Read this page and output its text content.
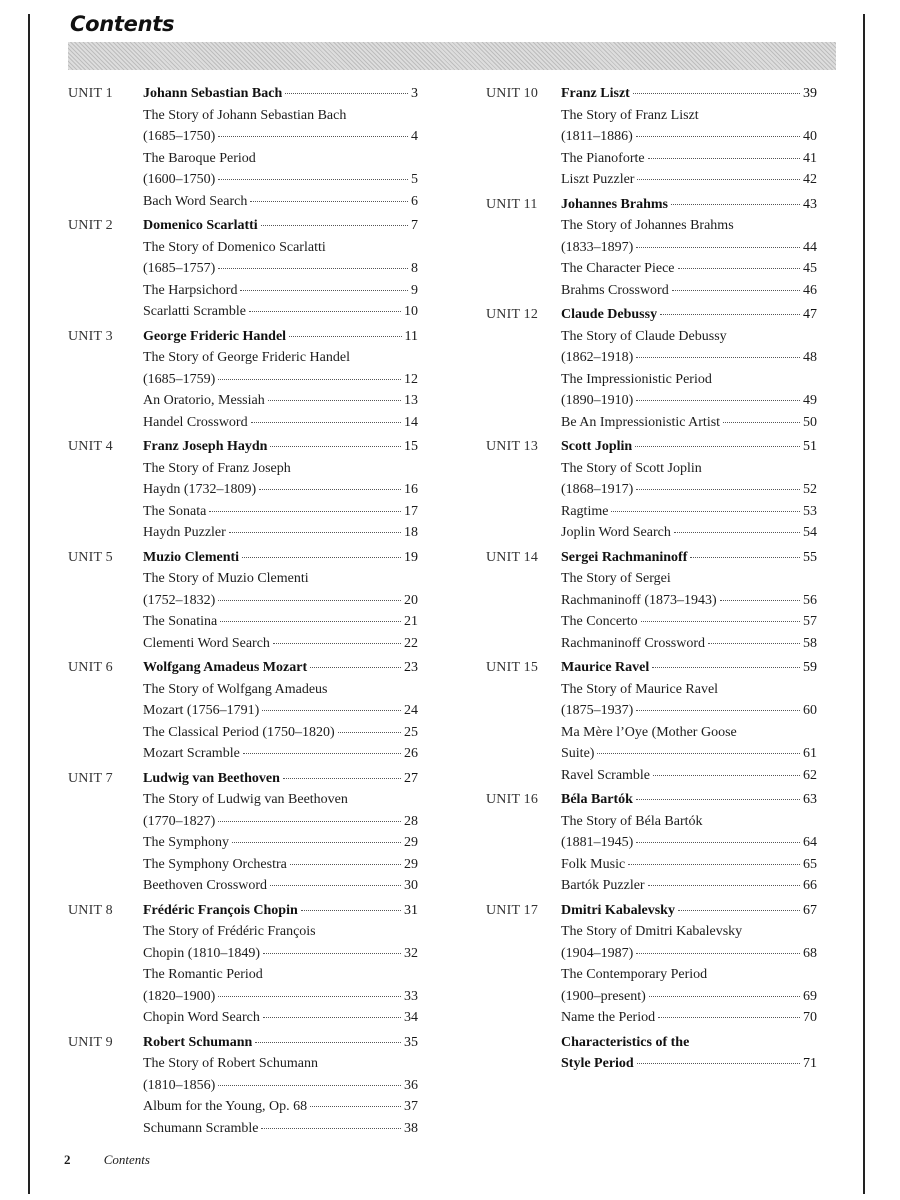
Contents
UNIT 1	Johann Sebastian Bach	3
The Story of Johann Sebastian Bach
(1685–1750)	4
The Baroque Period
(1600–1750)	5
Bach Word Search	6
UNIT 2	Domenico Scarlatti	7
The Story of Domenico Scarlatti
(1685–1757)	8
The Harpsichord	9
Scarlatti Scramble	10
UNIT 3	George Frideric Handel	11
The Story of George Frideric Handel
(1685–1759)	12
An Oratorio, Messiah	13
Handel Crossword	14
UNIT 4	Franz Joseph Haydn	15
The Story of Franz Joseph
Haydn (1732–1809)	16
The Sonata	17
Haydn Puzzler	18
UNIT 5	Muzio Clementi	19
The Story of Muzio Clementi
(1752–1832)	20
The Sonatina	21
Clementi Word Search	22
UNIT 6	Wolfgang Amadeus Mozart	23
The Story of Wolfgang Amadeus
Mozart (1756–1791)	24
The Classical Period (1750–1820)	25
Mozart Scramble	26
UNIT 7	Ludwig van Beethoven	27
The Story of Ludwig van Beethoven
(1770–1827)	28
The Symphony	29
The Symphony Orchestra	29
Beethoven Crossword	30
UNIT 8	Frédéric François Chopin	31
The Story of Frédéric François
Chopin (1810–1849)	32
The Romantic Period
(1820–1900)	33
Chopin Word Search	34
UNIT 9	Robert Schumann	35
The Story of Robert Schumann
(1810–1856)	36
Album for the Young, Op. 68	37
Schumann Scramble	38
UNIT 10	Franz Liszt	39
The Story of Franz Liszt
(1811–1886)	40
The Pianoforte	41
Liszt Puzzler	42
UNIT 11	Johannes Brahms	43
The Story of Johannes Brahms
(1833–1897)	44
The Character Piece	45
Brahms Crossword	46
UNIT 12	Claude Debussy	47
The Story of Claude Debussy
(1862–1918)	48
The Impressionistic Period
(1890–1910)	49
Be An Impressionistic Artist	50
UNIT 13	Scott Joplin	51
The Story of Scott Joplin
(1868–1917)	52
Ragtime	53
Joplin Word Search	54
UNIT 14	Sergei Rachmaninoff	55
The Story of Sergei
Rachmaninoff (1873–1943)	56
The Concerto	57
Rachmaninoff Crossword	58
UNIT 15	Maurice Ravel	59
The Story of Maurice Ravel
(1875–1937)	60
Ma Mère l’Oye (Mother Goose
Suite)	61
Ravel Scramble	62
UNIT 16	Béla Bartók	63
The Story of Béla Bartók
(1881–1945)	64
Folk Music	65
Bartók Puzzler	66
UNIT 17	Dmitri Kabalevsky	67
The Story of Dmitri Kabalevsky
(1904–1987)	68
The Contemporary Period
(1900–present)	69
Name the Period	70
Characteristics of the
Style Period	71
2	Contents
